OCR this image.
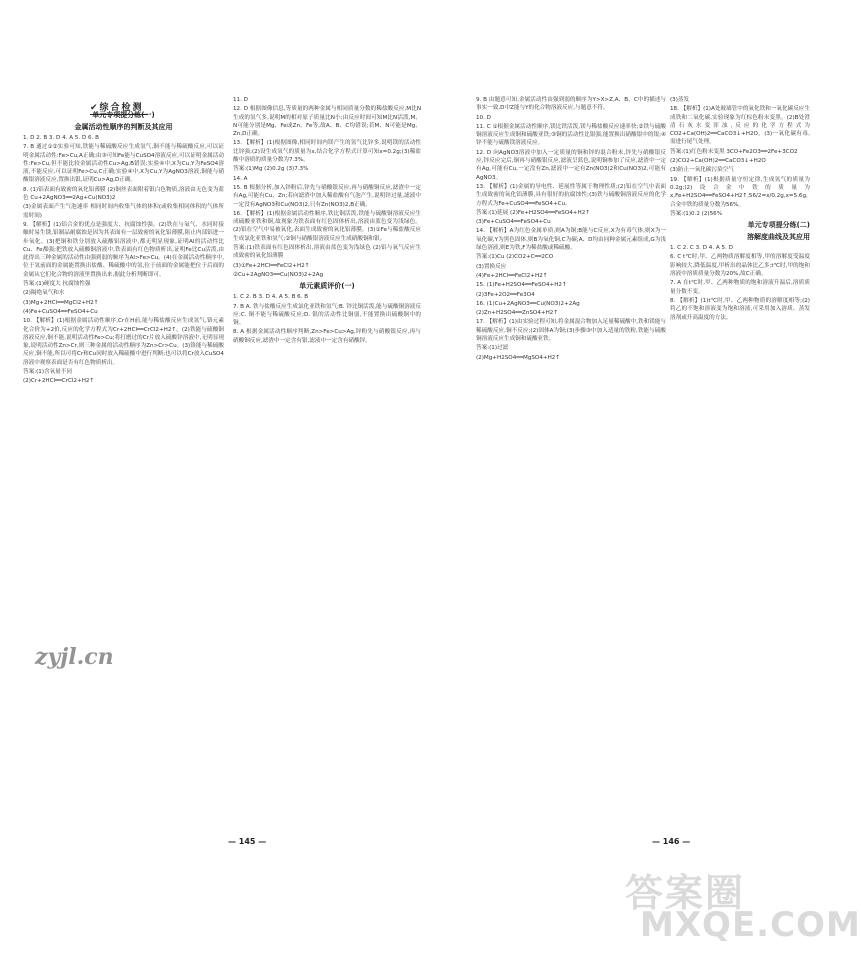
✔综合检测
单元专项提分练(一)
金属活动性顺序的判断及其应用

1. D 2. B 3. D 4. A 5. D 6. B

7. B 通过①②实验可知,铁能与稀硫酸反应生成氢气,铜不能与稀硫酸反应,可以证明金属活动性:Fe>Cu,A正确;由③可知Fe能与CuSO4溶液反应,可以证明金属活动性:Fe>Cu,但不能比较金属活动性Cu>Ag,B错误;实验④中,X为Cu,Y为FeSO4溶液,不能反应,可以证明Fe>Cu,C正确;实验④中,X为Cu,Y为AgNO3溶液,铜能与硝酸银溶液反应,置换出银,证明Cu>Ag,D正确。

8. (1)铝表面有致密的氧化铝薄膜 (2)铜丝表面附着银白色物质,溶液由无色变为蓝色 Cu+2AgNO3══2Ag+Cu(NO3)2

(3)金属表面产生气泡速率 相同时间内收集气体的体积(或收集相同体积的气体所需时间)

9. 【解析】(1)铝合金的优点是强度大、抗腐蚀性强。(2)铁在与氧气、水同时接触时易生锈,铝制品耐腐蚀是因为其表面有一层致密的氧化铝薄膜,阻止内部铝进一步氧化。(3)把铜和铁分别放入硫酸铝溶液中,都无明显现象,证明Al的活动性比Cu、Fe都强;把铁放入硫酸铜溶液中,铁表面有红色物质析出,证明Fe比Cu活泼,由此得出三种金属的活动性由强到弱的顺序为Al>Fe>Cu。(4)在金属活动性顺序中,位于氢前面的金属能置换出盐酸、稀硫酸中的氢,位于前面的金属能把位于后面的金属从它们化合物的溶液里置换出来,据此分析判断即可。

答案:(1)硬度大 抗腐蚀性强

(2)隔绝氧气和水

(3)Mg+2HCl══MgCl2+H2↑

(4)Fe+CuSO4══FeSO4+Cu

10. 【解析】(1)根据金属活动性顺序,Cr在H前,能与稀盐酸反应生成氢气,铬元素化合价为+2价,反应的化学方程式为Cr+2HCl══CrCl2+H2↑。(2)铁能与硫酸铜溶液反应,铜不能,说明活动性Fe>Cu;将打磨过的Cr片放入硫酸锌溶液中,无明显现象,说明活动性Zn>Cr,则三种金属的活动性顺序为Zn>Cr>Cu。(3)铬能与稀硫酸反应,铜不能,所以可将Cr和Cu同时放入稀硫酸中进行判断;也可以将Cr放入CuSO4溶液中观察表面是否有红色物质析出。

答案:(1)含氧量不同

(2)Cr+2HCl══CrCl2+H2↑

11. D

12. D 根据图像信息,等质量的两种金属与相同质量分数的稀盐酸反应,M比N生成的氢气多,说明M的相对原子质量比N小;由反应时间可知M比N活泼,M、N可能分别是Mg、Fe或Zn、Fe等,故A、B、C均错误;若M、N可能是Mg、Zn,D正确。

13. 【解析】(1)根据图像,相同时间内镁产生的氢气比锌多,说明镁的活动性比锌强;(2)设生成氢气的质量为x,结合化学方程式计算可知x=0.2g;(3)稀盐酸中溶质的质量分数为7.3%。

答案:(1)Mg (2)0.2g (3)7.3%

14. A

15. B 根据分析,加入锌粉后,锌先与硝酸银反应,再与硝酸铜反应,滤渣中一定有Ag,可能有Cu、Zn;若向滤渣中加入稀盐酸有气泡产生,说明锌过量,滤液中一定没有AgNO3和Cu(NO3)2,只有Zn(NO3)2,B正确。

16. 【解析】(1)根据金属活动性顺序,铁比铜活泼,铁能与硫酸铜溶液反应生成硫酸亚铁和铜,故现象为铁表面有红色固体析出,溶液由蓝色变为浅绿色。(2)铝在空气中易被氧化,表面生成致密的氧化铝薄膜。(3)①Fe与稀盐酸反应生成氯化亚铁和氢气;②铜与硝酸银溶液反应生成硝酸铜和银。

答案:(1)铁表面有红色固体析出,溶液由蓝色变为浅绿色 (2)铝与氧气反应生成致密的氧化铝薄膜

(3)①Fe+2HCl══FeCl2+H2↑

②Cu+2AgNO3══Cu(NO3)2+2Ag

单元素质评价(一)

1. C 2. B 3. D 4. A 5. B 6. B

7. B A. 铁与盐酸反应生成氯化亚铁和氢气;B. 锌比铜活泼,能与硫酸铜溶液反应;C. 铜不能与稀硫酸反应;D. 银的活动性比铜弱,不能置换出硫酸铜中的铜。

8. A 根据金属活动性顺序判断,Zn>Fe>Cu>Ag,锌粉先与硝酸银反应,再与硝酸铜反应,滤渣中一定含有银,滤液中一定含有硝酸锌。

9. B 由题意可知,金属活动性由强到弱的顺序为Y>X>Z,A、B、C中的描述与事实一致,D中Z能与Y的化合物溶液反应,与题意不符。

10. D

11. C ①根据金属活动性顺序,镁比铁活泼,镁与稀盐酸反应速率快;②铁与硫酸铜溶液反应生成铜和硫酸亚铁;③铜的活动性比银强,能置换出硝酸银中的银;④锌不能与硫酸镁溶液反应。

12. D 向AgNO3溶液中加入一定质量的铜和锌的混合粉末,锌先与硝酸银反应,锌反应完后,铜再与硝酸银反应,滤液呈蓝色,说明铜参加了反应,滤渣中一定有Ag,可能有Cu,一定没有Zn,滤液中一定有Zn(NO3)2和Cu(NO3)2,可能有AgNO3。

13. 【解析】(1)金属的导电性、延展性等属于物理性质;(2)铝在空气中表面生成致密的氧化铝薄膜,具有很好的抗腐蚀性;(3)铁与硫酸铜溶液反应的化学方程式为Fe+CuSO4══FeSO4+Cu。

答案:(1)延展 (2)Fe+H2SO4══FeSO4+H2↑

(3)Fe+CuSO4══FeSO4+Cu

14. 【解析】A为红色金属单质,则A为铜;B能与C反应,X为有毒气体,则X为一氧化碳,Y为黑色固体,则B为氧化铜,C为碳;A、D均由同种金属元素组成,G为浅绿色溶液,则E为铁,F为稀盐酸或稀硫酸。

答案:(1)Cu (2)CO2+C══2CO

(3)置换反应

(4)Fe+2HCl══FeCl2+H2↑

15. (1)Fe+H2SO4══FeSO4+H2↑

(2)3Fe+2O2══Fe3O4

16. (1)Cu+2AgNO3══Cu(NO3)2+2Ag

(2)Zn+H2SO4══ZnSO4+H2↑

17. 【解析】(1)由实验过程可知,将金属混合物加入足量稀硫酸中,铁和镁能与稀硫酸反应,铜不反应;(2)固体A为铜;(3)步骤③中加入适量的铁粉,铁能与硫酸铜溶液反应生成铜和硫酸亚铁。

答案:(1)过滤

(2)Mg+H2SO4══MgSO4+H2↑

(3)蒸发

18. 【解析】(1)A处玻璃管中的氧化铁和一氧化碳反应生成铁和二氧化碳,实验现象为红棕色粉末变黑。(2)B处澄清石灰水变浑浊,反应的化学方程式为CO2+Ca(OH)2══CaCO3↓+H2O。(3)一氧化碳有毒,需进行尾气处理。

答案:(1)红色粉末变黑 3CO+Fe2O3══2Fe+3CO2

(2)CO2+Ca(OH)2══CaCO3↓+H2O

(3)防止一氧化碳污染空气

19. 【解析】(1)根据质量守恒定律,生成氢气的质量为0.2g;(2)设合金中铁的质量为x,Fe+H2SO4══FeSO4+H2↑,56/2=x/0.2g,x=5.6g,合金中铁的质量分数为56%。

答案:(1)0.2 (2)56%

单元专项提分练(二)
溶解度曲线及其应用

1. C 2. C 3. D 4. A 5. D

6. C t℃时,甲、乙两物质溶解度相等,甲的溶解度受温度影响较大,降低温度,甲析出的晶体比乙多;t℃时,甲的饱和溶液中溶质质量分数为20%,故C正确。

7. A 在t℃时,甲、乙两种物质的饱和溶液升温后,溶质质量分数不变。

8. 【解析】(1)t℃时,甲、乙两种物质的溶解度相等;(2)将乙的不饱和溶液变为饱和溶液,可采用加入溶质、蒸发溶剂或升高温度的方法。

— 145 —	— 146 —
zyjl.cn
答案圈
MXQE.COM
